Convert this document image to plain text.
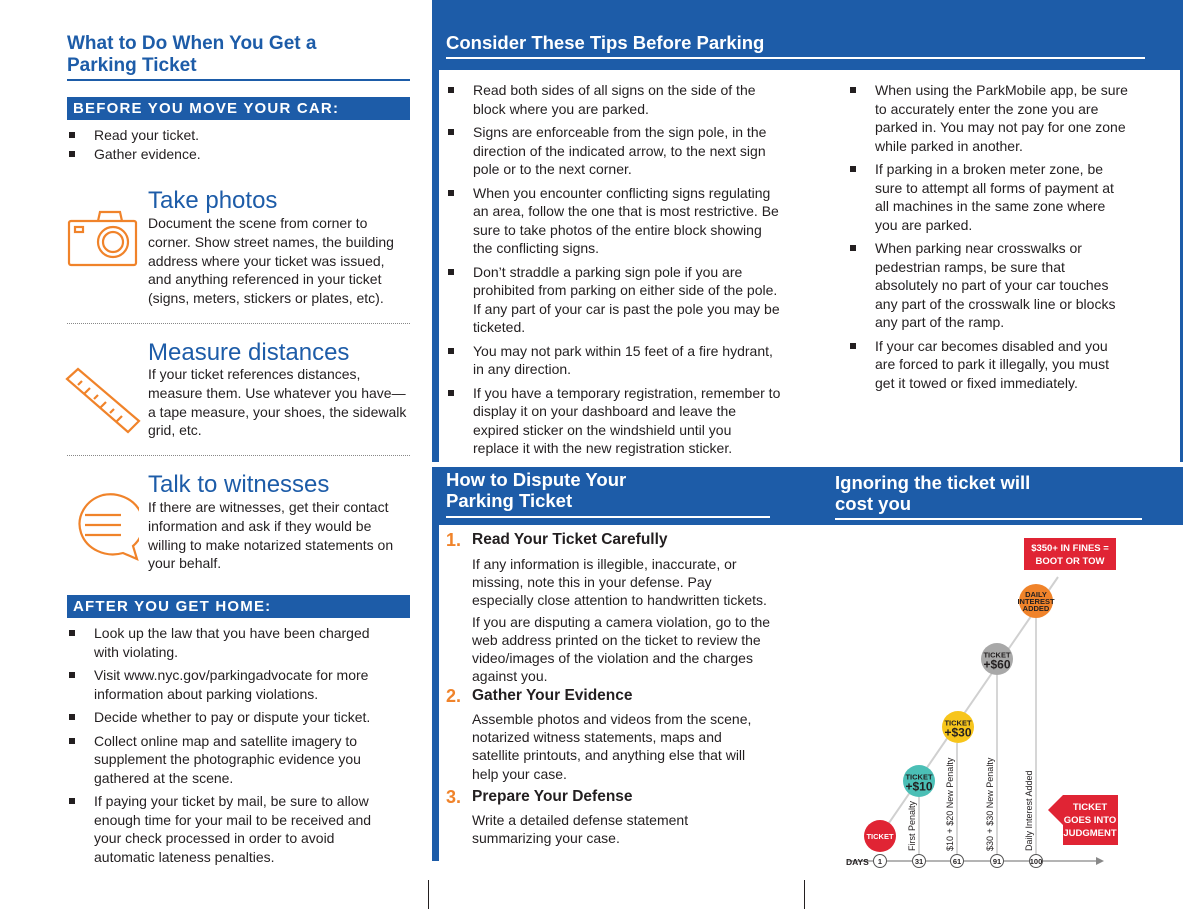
What to Do When You Get a Parking Ticket
BEFORE YOU MOVE YOUR CAR:
Read your ticket.
Gather evidence.
Take photos
Document the scene from corner to corner. Show street names, the building address where your ticket was issued, and anything referenced in your ticket (signs, meters, stickers or plates, etc).
Measure distances
If your ticket references distances, measure them. Use whatever you have—a tape measure, your shoes, the sidewalk grid, etc.
Talk to witnesses
If there are witnesses, get their contact information and ask if they would be willing to make notarized statements on your behalf.
AFTER YOU GET HOME:
Look up the law that you have been charged with violating.
Visit www.nyc.gov/parkingadvocate for more information about parking violations.
Decide whether to pay or dispute your ticket.
Collect online map and satellite imagery to supplement the photographic evidence you gathered at the scene.
If paying your ticket by mail, be sure to allow enough time for your mail to be received and your check processed in order to avoid automatic lateness penalties.
Consider These Tips Before Parking
Read both sides of all signs on the side of the block where you are parked.
Signs are enforceable from the sign pole, in the direction of the indicated arrow, to the next sign pole or to the next corner.
When you encounter conflicting signs regulating an area, follow the one that is most restrictive. Be sure to take photos of the entire block showing the conflicting signs.
Don’t straddle a parking sign pole if you are prohibited from parking on either side of the pole. If any part of your car is past the pole you may be ticketed.
You may not park within 15 feet of a fire hydrant, in any direction.
If you have a temporary registration, remember to display it on your dashboard and leave the expired sticker on the windshield until you replace it with the new registration sticker.
When using the ParkMobile app, be sure to accurately enter the zone you are parked in. You may not pay for one zone while parked in another.
If parking in a broken meter zone, be sure to attempt all forms of payment at all machines in the same zone where you are parked.
When parking near crosswalks or pedestrian ramps, be sure that absolutely no part of your car touches any part of the crosswalk line or blocks any part of the ramp.
If your car becomes disabled and you are forced to park it illegally, you must get it towed or fixed immediately.
How to Dispute Your Parking Ticket
1. Read Your Ticket Carefully
If any information is illegible, inaccurate, or missing, note this in your defense. Pay especially close attention to handwritten tickets.
If you are disputing a camera violation, go to the web address printed on the ticket to review the video/images of the violation and the charges against you.
2. Gather Your Evidence
Assemble photos and videos from the scene, notarized witness statements, maps and satellite printouts, and anything else that will help your case.
3. Prepare Your Defense
Write a detailed defense statement summarizing your case.
Ignoring the ticket will cost you
DAYS
First Penalty	$10 + $20 New Penalty	$30 + $30 New Penalty	Daily Interest Added
1	31	61	91	100
TICKET
TICKET
+$10
TICKET
+$30
TICKET
+$60
DAILY
INTEREST
ADDED
$350+ IN FINES =
BOOT OR TOW
TICKET
GOES INTO
JUDGMENT
